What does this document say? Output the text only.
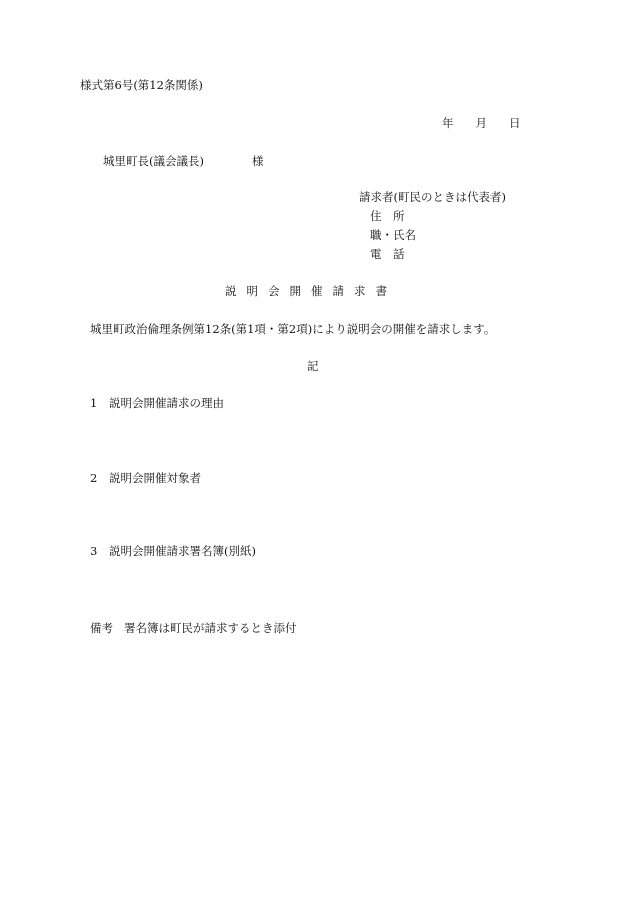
様式第6号(第12条関係)
年 月 日
城里町長(議会議長)	様
請求者(町民のときは代表者)
住　所
職・氏名
電　話
説明会開催請求書
城里町政治倫理条例第12条(第1項・第2項)により説明会の開催を請求します。
記
1 説明会開催請求の理由
2 説明会開催対象者
3 説明会開催請求署名簿(別紙)
備考 署名簿は町民が請求するとき添付
